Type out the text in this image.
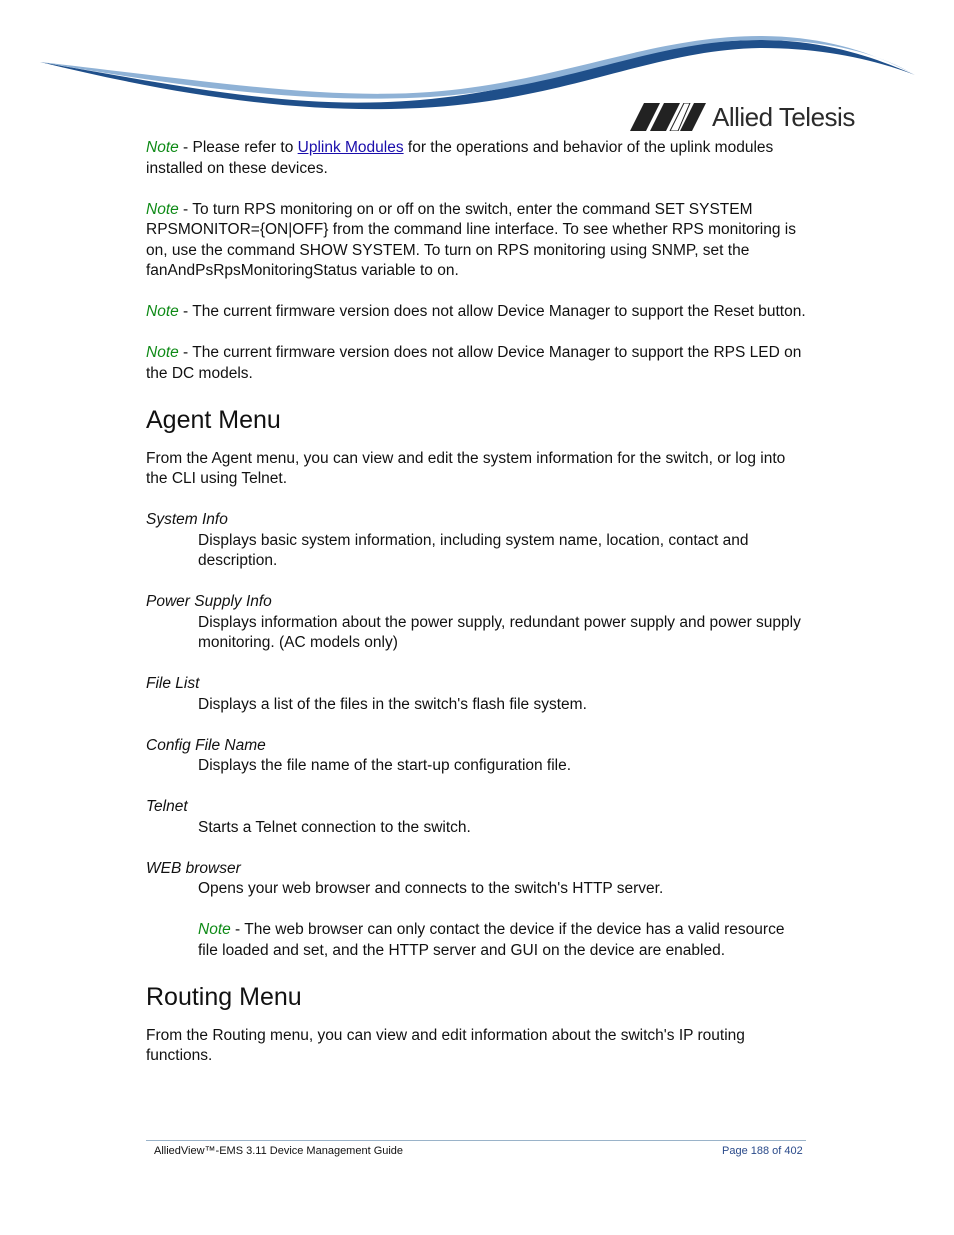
Allied Telesis

Note - Please refer to Uplink Modules for the operations and behavior of the uplink modules installed on these devices.

Note - To turn RPS monitoring on or off on the switch, enter the command SET SYSTEM RPSMONITOR={ON|OFF} from the command line interface. To see whether RPS monitoring is on, use the command SHOW SYSTEM. To turn on RPS monitoring using SNMP, set the fanAndPsRpsMonitoringStatus variable to on.

Note - The current firmware version does not allow Device Manager to support the Reset button.

Note - The current firmware version does not allow Device Manager to support the RPS LED on the DC models.

Agent Menu

From the Agent menu, you can view and edit the system information for the switch, or log into the CLI using Telnet.

System Info
Displays basic system information, including system name, location, contact and description.
Power Supply Info
Displays information about the power supply, redundant power supply and power supply monitoring. (AC models only)
File List
Displays a list of the files in the switch's flash file system.
Config File Name
Displays the file name of the start-up configuration file.
Telnet
Starts a Telnet connection to the switch.
WEB browser

Opens your web browser and connects to the switch's HTTP server.

Note - The web browser can only contact the device if the device has a valid resource file loaded and set, and the HTTP server and GUI on the device are enabled.

Routing Menu

From the Routing menu, you can view and edit information about the switch's IP routing functions.

AlliedView™-EMS 3.11 Device Management Guide	Page 188 of 402
